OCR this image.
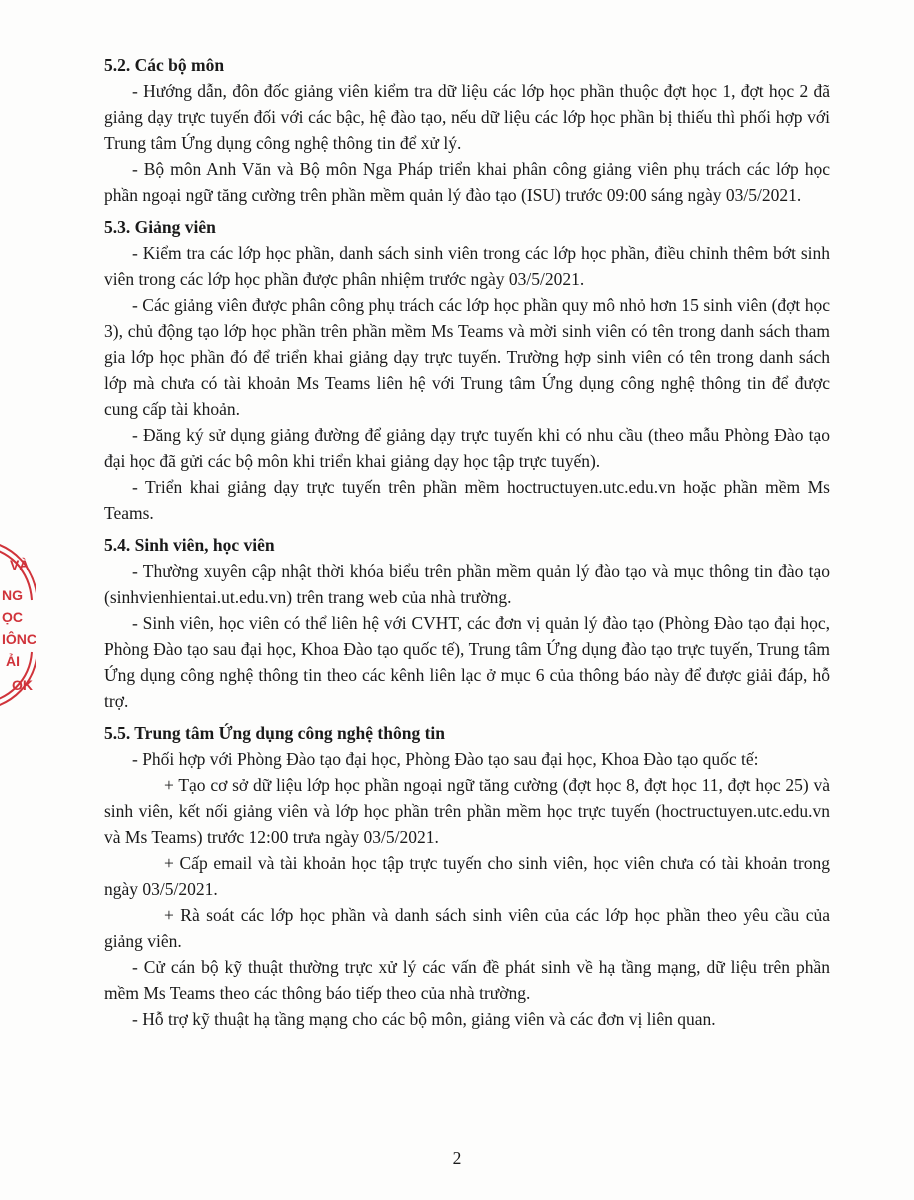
VÀ
NG
ỌC
IÔNC
ẢI
OK
5.2. Các bộ môn

- Hướng dẫn, đôn đốc giảng viên kiểm tra dữ liệu các lớp học phần thuộc đợt học 1, đợt học 2 đã giảng dạy trực tuyến đối với các bậc, hệ đào tạo, nếu dữ liệu các lớp học phần bị thiếu thì phối hợp với Trung tâm Ứng dụng công nghệ thông tin để xử lý.

- Bộ môn Anh Văn và Bộ môn Nga Pháp triển khai phân công giảng viên phụ trách các lớp học phần ngoại ngữ tăng cường trên phần mềm quản lý đào tạo (ISU) trước 09:00 sáng ngày 03/5/2021.

5.3. Giảng viên

- Kiểm tra các lớp học phần, danh sách sinh viên trong các lớp học phần, điều chỉnh thêm bớt sinh viên trong các lớp học phần được phân nhiệm trước ngày 03/5/2021.

- Các giảng viên được phân công phụ trách các lớp học phần quy mô nhỏ hơn 15 sinh viên (đợt học 3), chủ động tạo lớp học phần trên phần mềm Ms Teams và mời sinh viên có tên trong danh sách tham gia lớp học phần đó để triển khai giảng dạy trực tuyến. Trường hợp sinh viên có tên trong danh sách lớp mà chưa có tài khoản Ms Teams liên hệ với Trung tâm Ứng dụng công nghệ thông tin để được cung cấp tài khoản.

- Đăng ký sử dụng giảng đường để giảng dạy trực tuyến khi có nhu cầu (theo mẫu Phòng Đào tạo đại học đã gửi các bộ môn khi triển khai giảng dạy học tập trực tuyến).

- Triển khai giảng dạy trực tuyến trên phần mềm hoctructuyen.utc.edu.vn hoặc phần mềm Ms Teams.

5.4. Sinh viên, học viên

- Thường xuyên cập nhật thời khóa biểu trên phần mềm quản lý đào tạo và mục thông tin đào tạo (sinhvienhientai.ut.edu.vn) trên trang web của nhà trường.

- Sinh viên, học viên có thể liên hệ với CVHT, các đơn vị quản lý đào tạo (Phòng Đào tạo đại học, Phòng Đào tạo sau đại học, Khoa Đào tạo quốc tế), Trung tâm Ứng dụng đào tạo trực tuyến, Trung tâm Ứng dụng công nghệ thông tin theo các kênh liên lạc ở mục 6 của thông báo này để được giải đáp, hỗ trợ.

5.5. Trung tâm Ứng dụng công nghệ thông tin

- Phối hợp với Phòng Đào tạo đại học, Phòng Đào tạo sau đại học, Khoa Đào tạo quốc tế:

+ Tạo cơ sở dữ liệu lớp học phần ngoại ngữ tăng cường (đợt học 8, đợt học 11, đợt học 25) và sinh viên, kết nối giảng viên và lớp học phần trên phần mềm học trực tuyến (hoctructuyen.utc.edu.vn và Ms Teams) trước 12:00 trưa ngày 03/5/2021.

+ Cấp email và tài khoản học tập trực tuyến cho sinh viên, học viên chưa có tài khoản trong ngày 03/5/2021.

+ Rà soát các lớp học phần và danh sách sinh viên của các lớp học phần theo yêu cầu của giảng viên.

- Cử cán bộ kỹ thuật thường trực xử lý các vấn đề phát sinh về hạ tầng mạng, dữ liệu trên phần mềm Ms Teams theo các thông báo tiếp theo của nhà trường.

- Hỗ trợ kỹ thuật hạ tầng mạng cho các bộ môn, giảng viên và các đơn vị liên quan.

2
